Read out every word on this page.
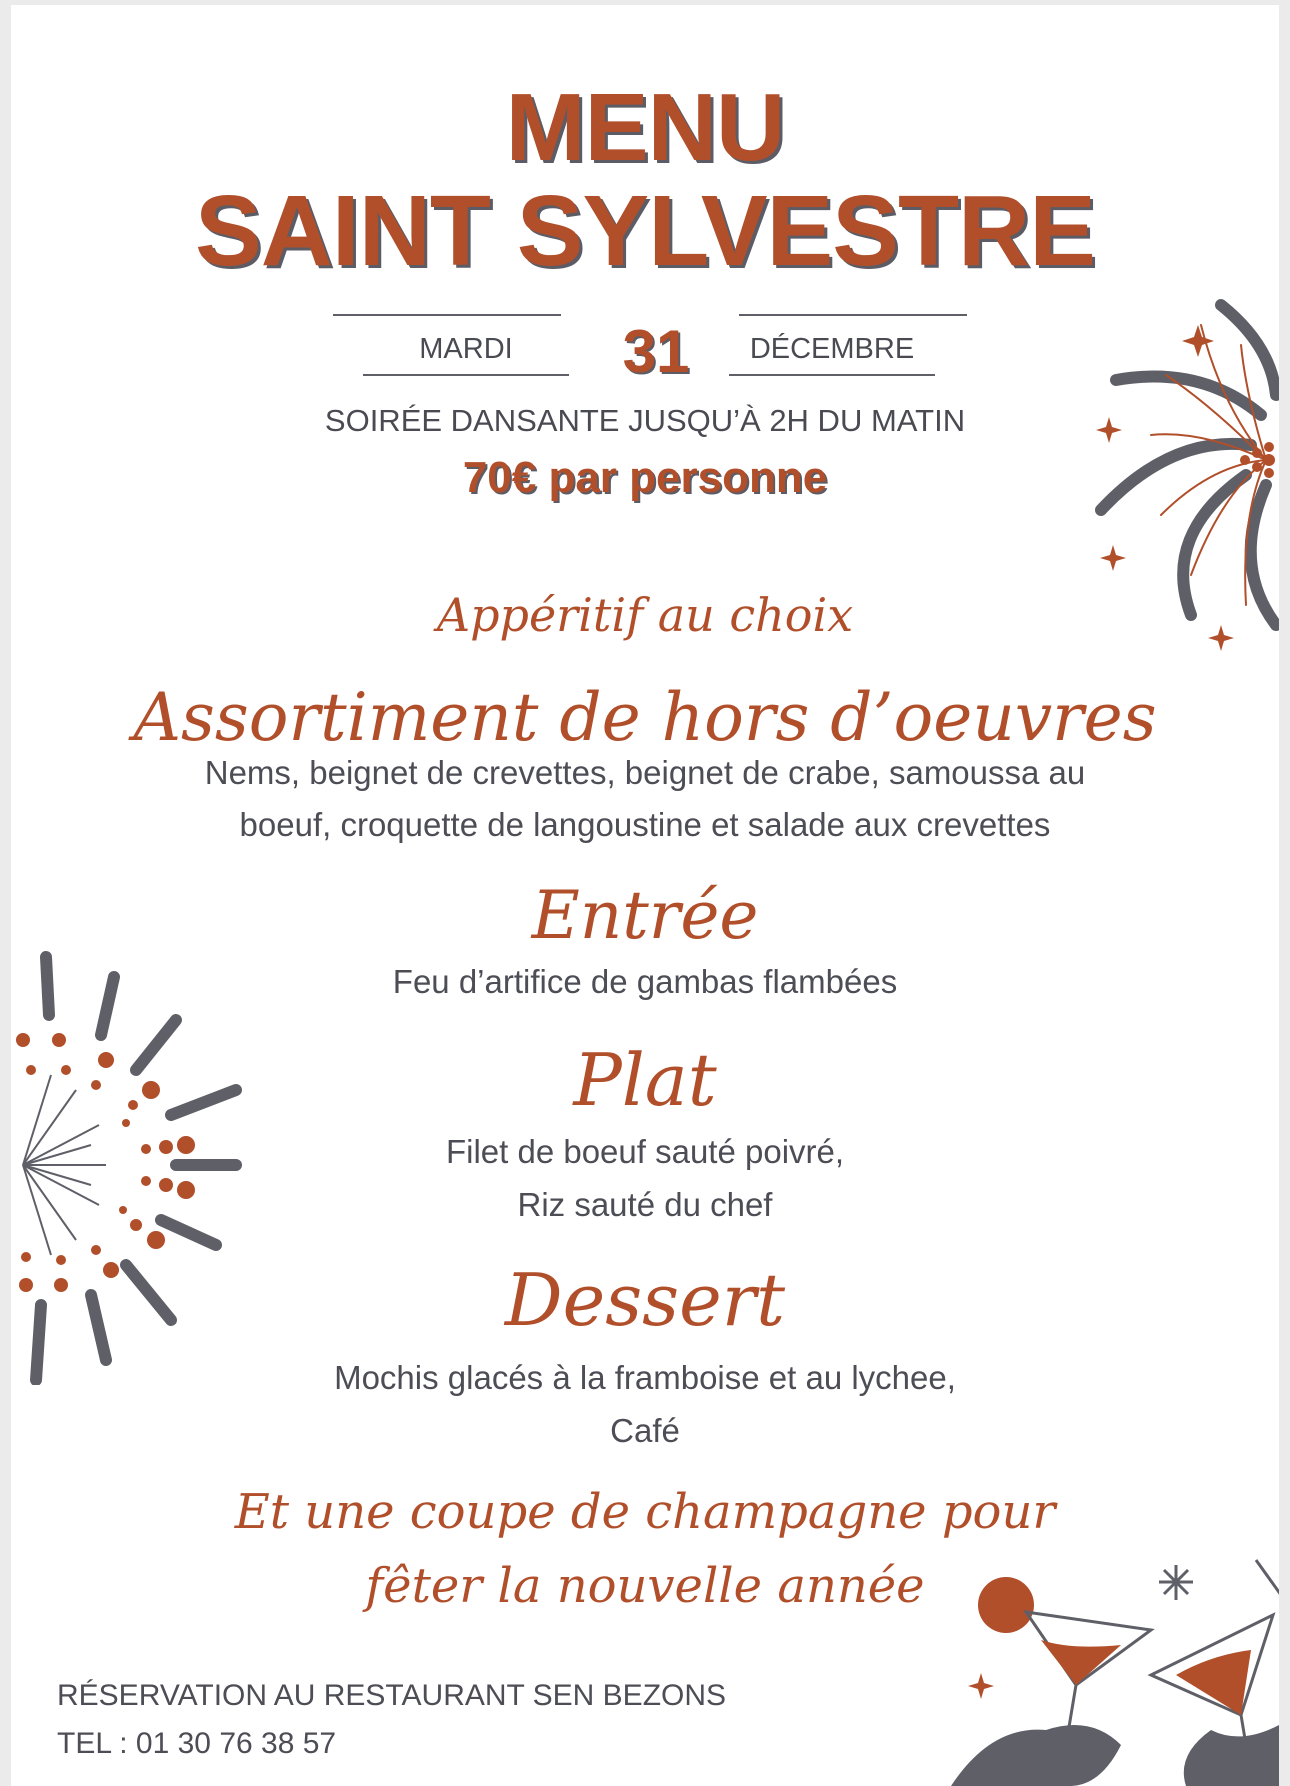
MENU
SAINT SYLVESTRE
MARDI	31	DÉCEMBRE
SOIRÉE DANSANTE JUSQU’À 2H DU MATIN
70€ par personne
Appéritif au choix
Assortiment de hors d’oeuvres
Nems, beignet de crevettes, beignet de crabe, samoussa au
boeuf, croquette de langoustine et salade aux crevettes
Entrée
Feu d’artifice de gambas flambées
Plat
Filet de boeuf sauté poivré,
Riz sauté du chef
Dessert
Mochis glacés à la framboise et au lychee,
Café
Et une coupe de champagne pour
fêter la nouvelle année
RÉSERVATION AU RESTAURANT SEN BEZONS
TEL : 01 30 76 38 57
